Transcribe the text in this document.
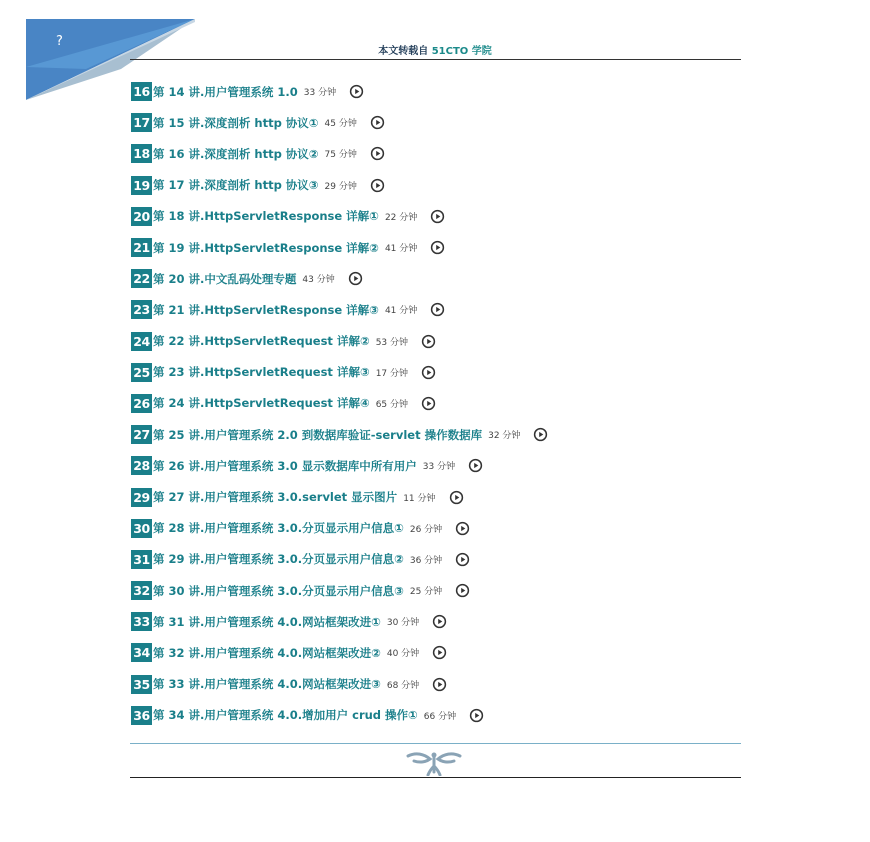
?
本文转载自 51CTO 学院
16 第 14 讲.用户管理系统 1.0 33 分钟
17 第 15 讲.深度剖析 http 协议① 45 分钟
18 第 16 讲.深度剖析 http 协议② 75 分钟
19 第 17 讲.深度剖析 http 协议③ 29 分钟
20 第 18 讲.HttpServletResponse 详解① 22 分钟
21 第 19 讲.HttpServletResponse 详解② 41 分钟
22 第 20 讲.中文乱码处理专题 43 分钟
23 第 21 讲.HttpServletResponse 详解③ 41 分钟
24 第 22 讲.HttpServletRequest 详解② 53 分钟
25 第 23 讲.HttpServletRequest 详解③ 17 分钟
26 第 24 讲.HttpServletRequest 详解④ 65 分钟
27 第 25 讲.用户管理系统 2.0 到数据库验证-servlet 操作数据库 32 分钟
28 第 26 讲.用户管理系统 3.0 显示数据库中所有用户 33 分钟
29 第 27 讲.用户管理系统 3.0.servlet 显示图片 11 分钟
30 第 28 讲.用户管理系统 3.0.分页显示用户信息① 26 分钟
31 第 29 讲.用户管理系统 3.0.分页显示用户信息② 36 分钟
32 第 30 讲.用户管理系统 3.0.分页显示用户信息③ 25 分钟
33 第 31 讲.用户管理系统 4.0.网站框架改进① 30 分钟
34 第 32 讲.用户管理系统 4.0.网站框架改进② 40 分钟
35 第 33 讲.用户管理系统 4.0.网站框架改进③ 68 分钟
36 第 34 讲.用户管理系统 4.0.增加用户 crud 操作① 66 分钟
